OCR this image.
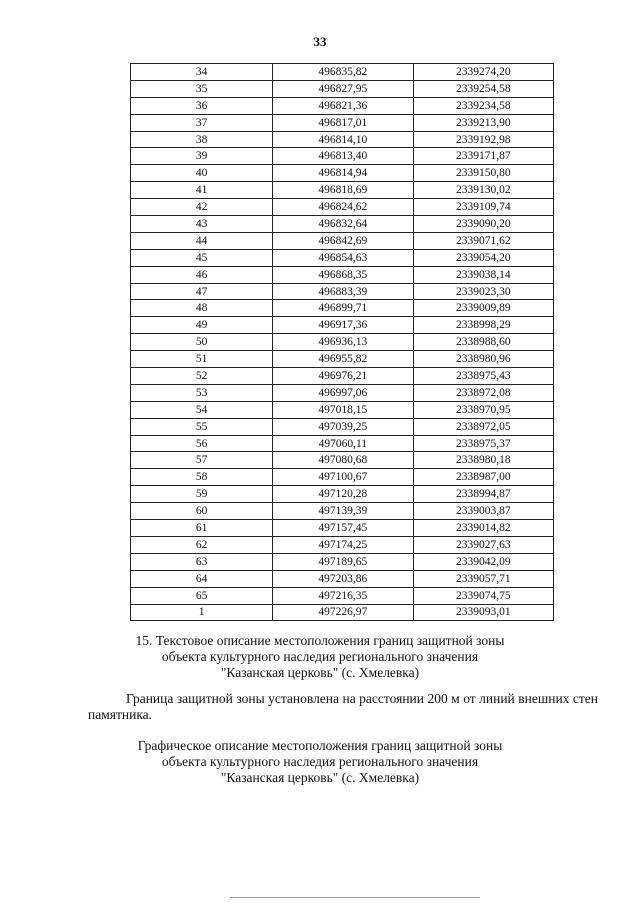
33
34	496835,82	2339274,20
35	496827,95	2339254,58
36	496821,36	2339234,58
37	496817,01	2339213,90
38	496814,10	2339192,98
39	496813,40	2339171,87
40	496814,94	2339150,80
41	496818,69	2339130,02
42	496824,62	2339109,74
43	496832,64	2339090,20
44	496842,69	2339071,62
45	496854,63	2339054,20
46	496868,35	2339038,14
47	496883,39	2339023,30
48	496899,71	2339009,89
49	496917,36	2338998,29
50	496936,13	2338988,60
51	496955,82	2338980,96
52	496976,21	2338975,43
53	496997,06	2338972,08
54	497018,15	2338970,95
55	497039,25	2338972,05
56	497060,11	2338975,37
57	497080,68	2338980,18
58	497100,67	2338987,00
59	497120,28	2338994,87
60	497139,39	2339003,87
61	497157,45	2339014,82
62	497174,25	2339027,63
63	497189,65	2339042,09
64	497203,86	2339057,71
65	497216,35	2339074,75
1	497226,97	2339093,01
15. Текстовое описание местоположения границ защитной зоны
объекта культурного наследия регионального значения
"Казанская церковь" (с. Хмелевка)
Граница защитной зоны установлена на расстоянии 200 м от линий внешних стен памятника.
Графическое описание местоположения границ защитной зоны
объекта культурного наследия регионального значения
"Казанская церковь" (с. Хмелевка)
